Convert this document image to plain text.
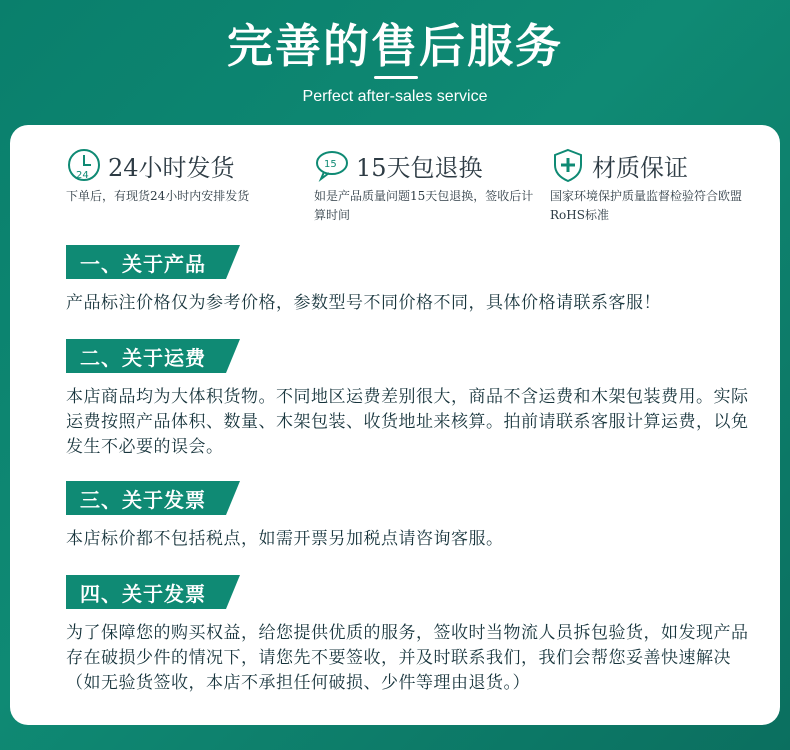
完善的售后服务
Perfect after-sales service
24 24小时发货
下单后，有现货24小时内安排发货
15 15天包退换
如是产品质量问题15天包退换，签收后计算时间
材质保证
国家环境保护质量监督检验符合欧盟RoHS标准
一、关于产品
产品标注价格仅为参考价格，参数型号不同价格不同，具体价格请联系客服！
二、关于运费
本店商品均为大体积货物。不同地区运费差别很大，商品不含运费和木架包装费用。实际运费按照产品体积、数量、木架包装、收货地址来核算。拍前请联系客服计算运费，以免发生不必要的误会。
三、关于发票
本店标价都不包括税点，如需开票另加税点请咨询客服。
四、关于发票
为了保障您的购买权益，给您提供优质的服务，签收时当物流人员拆包验货，如发现产品存在破损少件的情况下，请您先不要签收，并及时联系我们，我们会帮您妥善快速解决（如无验货签收，本店不承担任何破损、少件等理由退货。）
